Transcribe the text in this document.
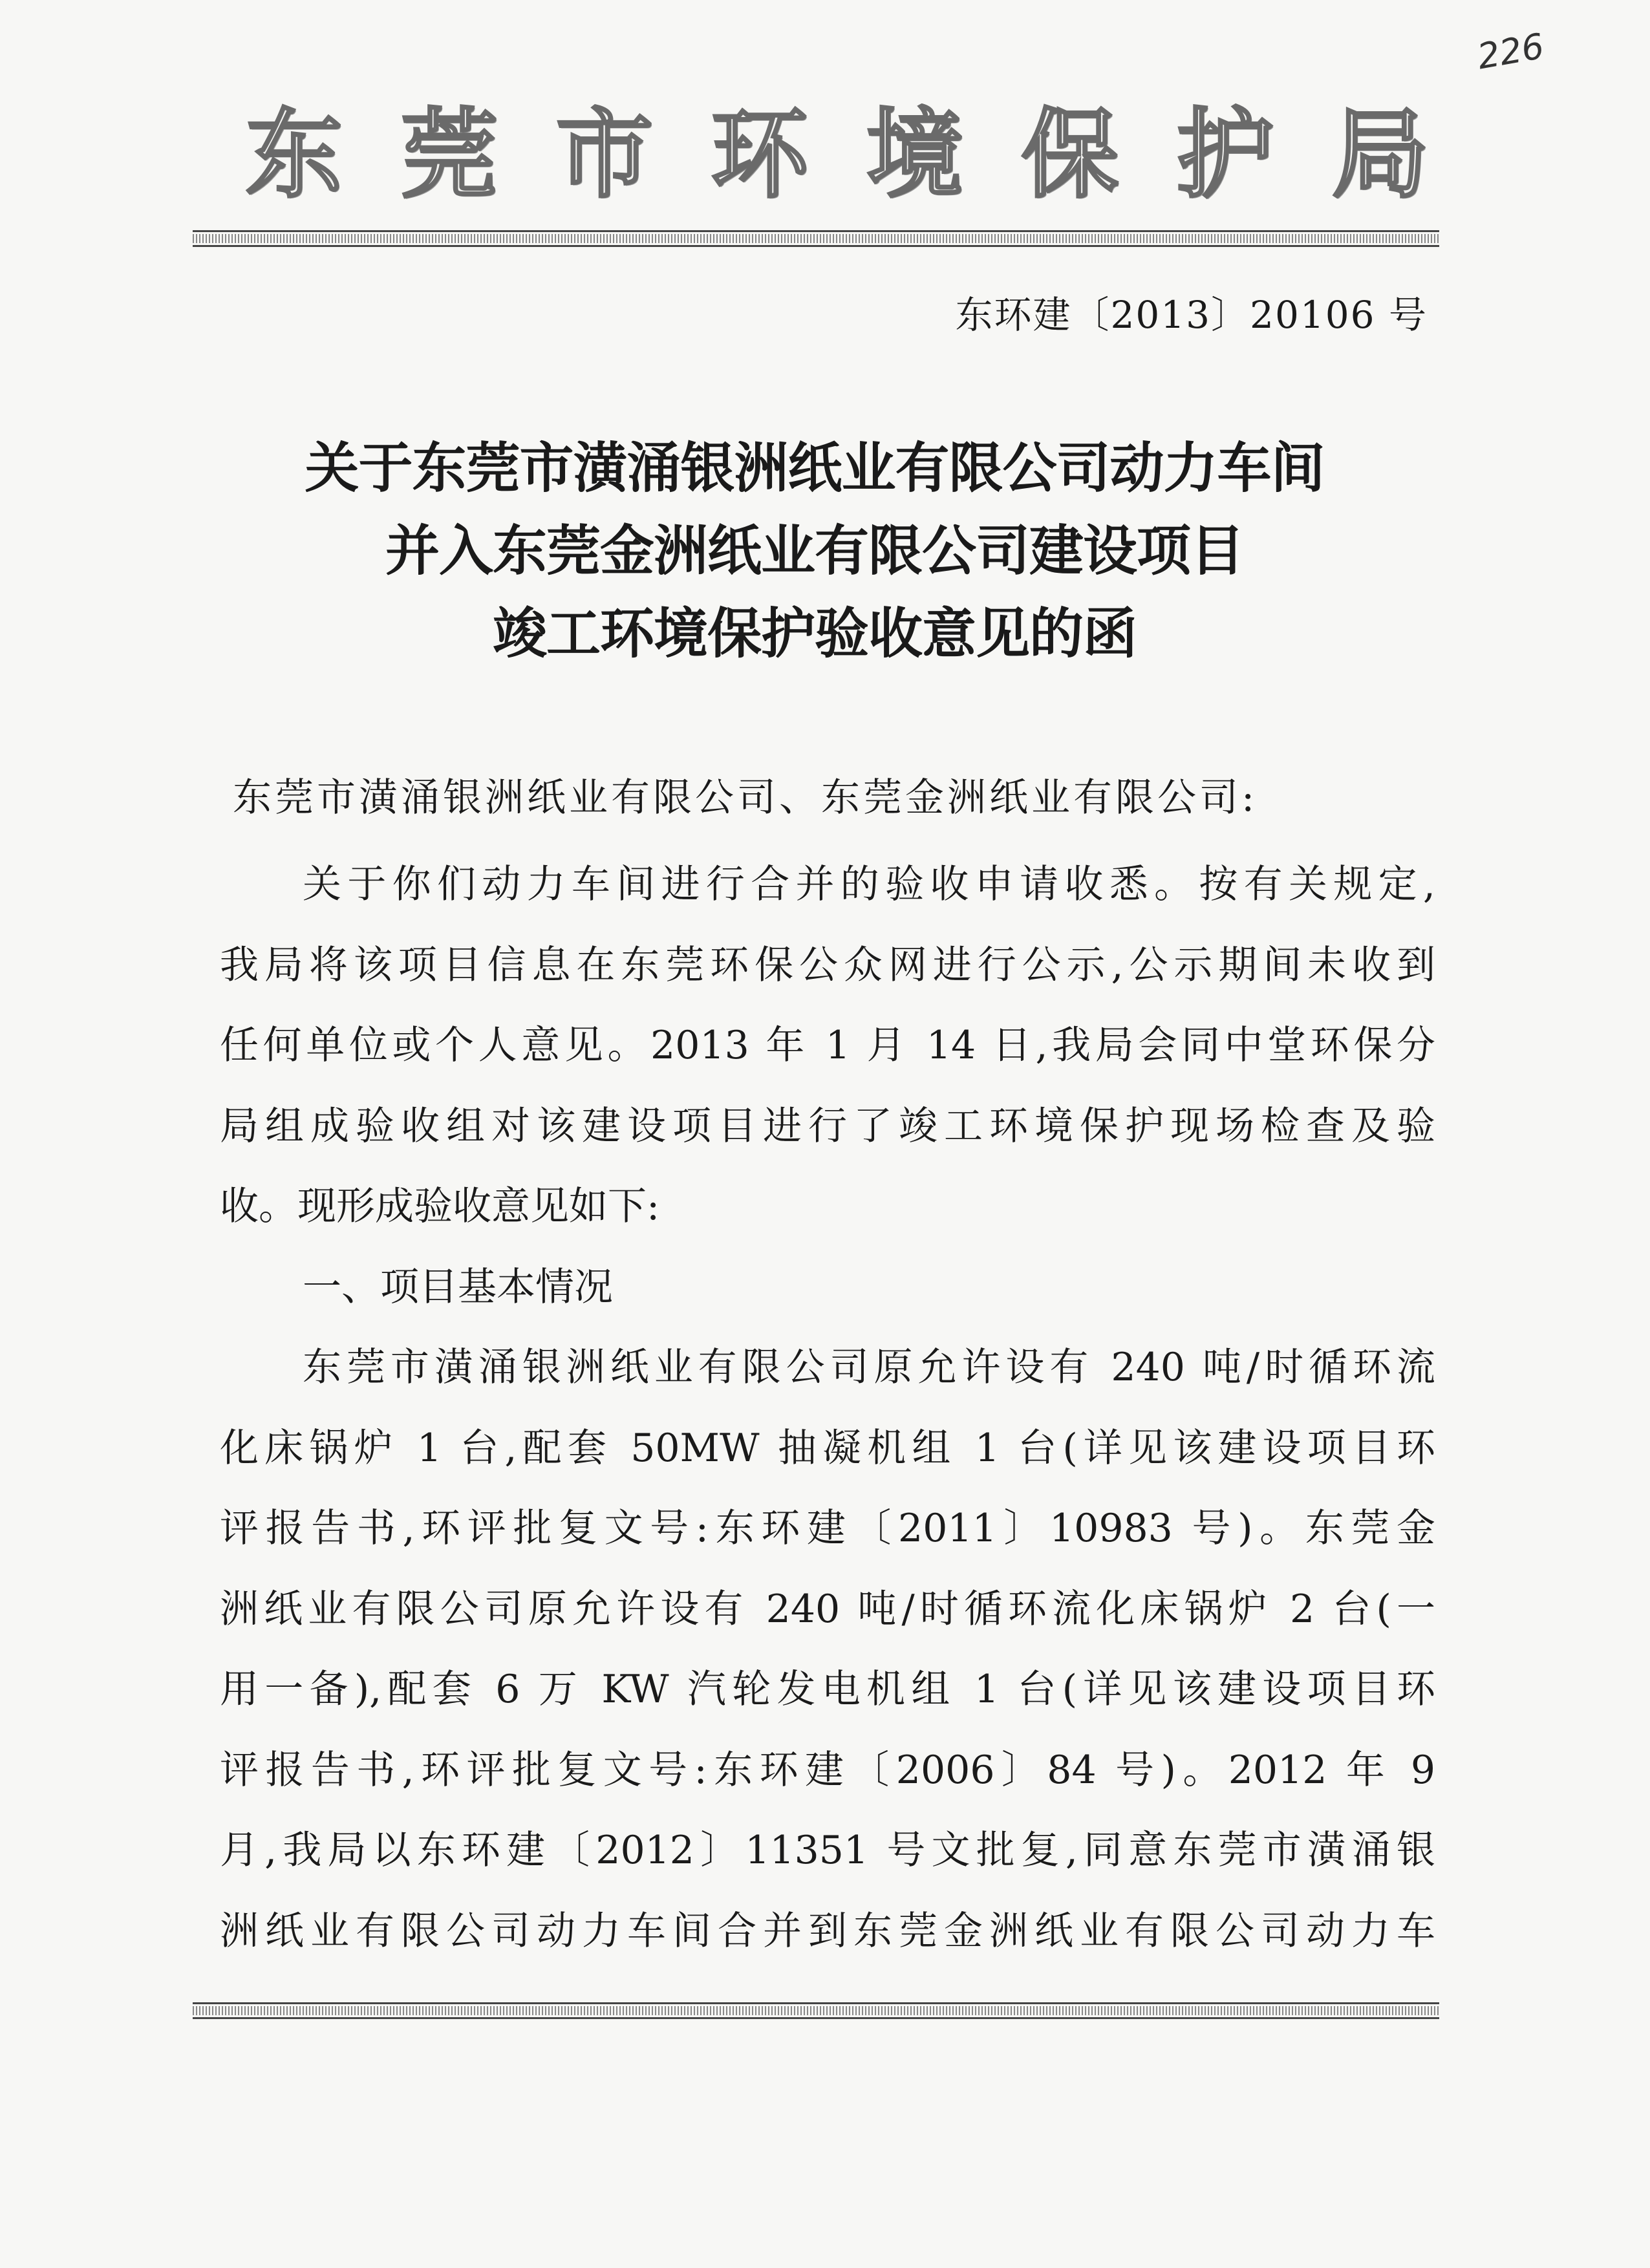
226
东 莞 市 环 境 保 护 局
东环建〔2013〕20106 号
关于东莞市潢涌银洲纸业有限公司动力车间
并入东莞金洲纸业有限公司建设项目
竣工环境保护验收意见的函
东莞市潢涌银洲纸业有限公司、东莞金洲纸业有限公司:
关于你们动力车间进行合并的验收申请收悉。按有关规定,
我局将该项目信息在东莞环保公众网进行公示,公示期间未收到
任何单位或个人意见。2013 年 1 月 14 日,我局会同中堂环保分
局组成验收组对该建设项目进行了竣工环境保护现场检查及验
收。现形成验收意见如下:
一、项目基本情况
东莞市潢涌银洲纸业有限公司原允许设有 240 吨/时循环流
化床锅炉 1 台,配套 50MW 抽凝机组 1 台(详见该建设项目环
评报告书,环评批复文号:东环建〔2011〕10983 号)。东莞金
洲纸业有限公司原允许设有 240 吨/时循环流化床锅炉 2 台(一
用一备),配套 6 万 KW 汽轮发电机组 1 台(详见该建设项目环
评报告书,环评批复文号:东环建〔2006〕84 号)。2012 年 9
月,我局以东环建〔2012〕11351 号文批复,同意东莞市潢涌银
洲纸业有限公司动力车间合并到东莞金洲纸业有限公司动力车
